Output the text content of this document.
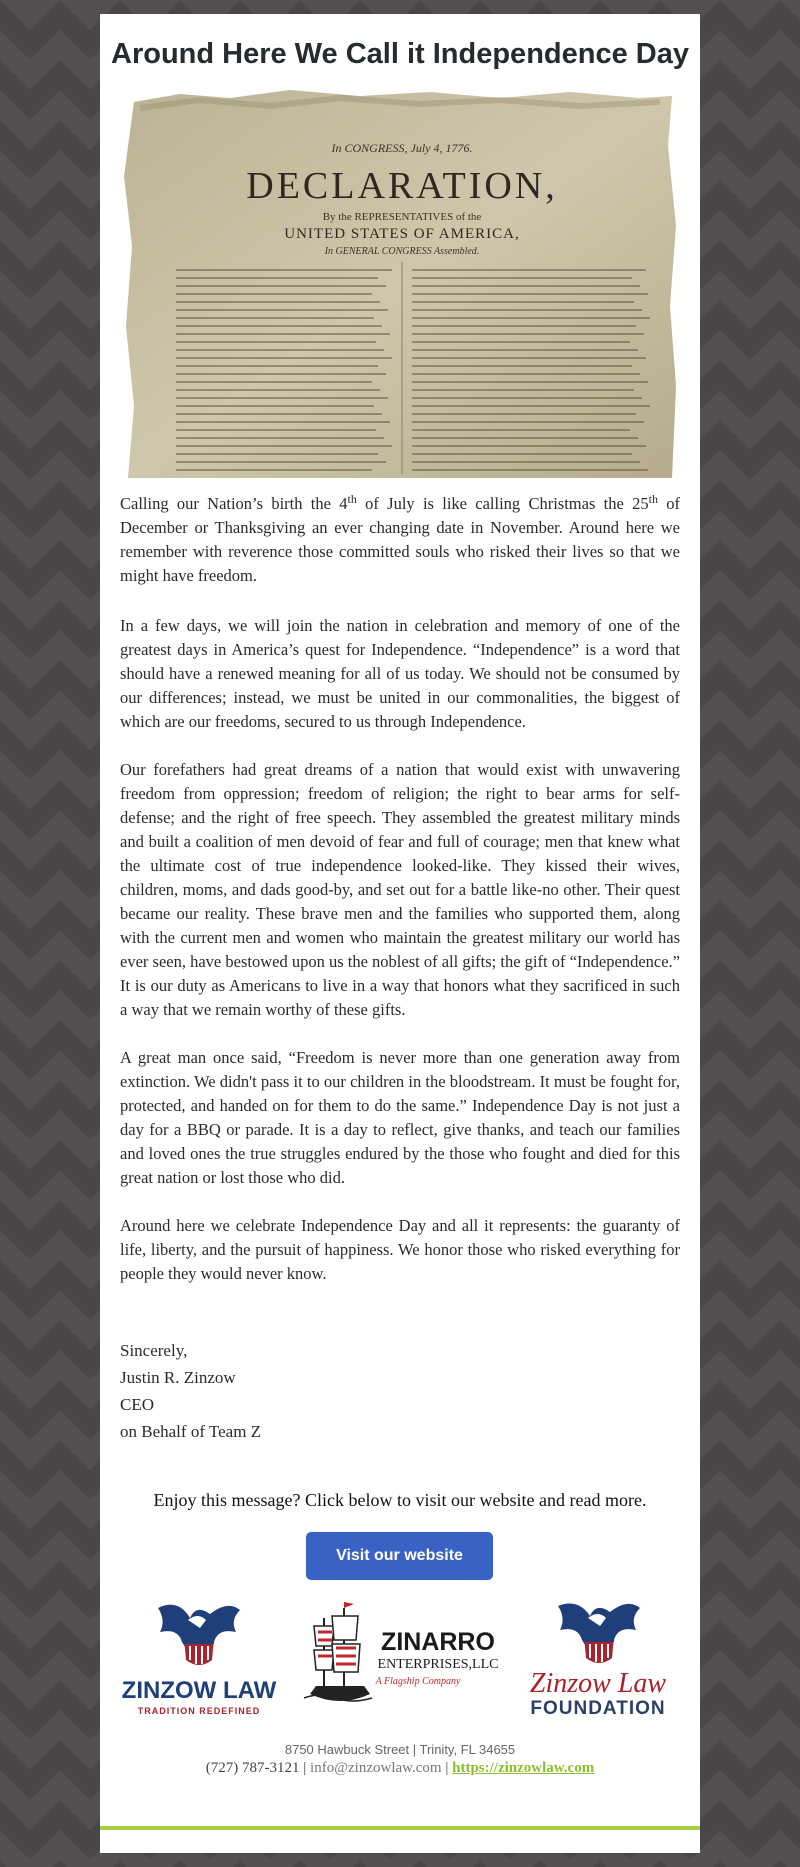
Around Here We Call it Independence Day
In CONGRESS, July 4, 1776.
DECLARATION,
By the REPRESENTATIVES of the
UNITED STATES OF AMERICA,
In GENERAL CONGRESS Assembled.

Calling our Nation’s birth the 4th of July is like calling Christmas the 25th of December or Thanksgiving an ever changing date in November. Around here we remember with reverence those committed souls who risked their lives so that we might have freedom.

In a few days, we will join the nation in celebration and memory of one of the greatest days in America’s quest for Independence. “Independence” is a word that should have a renewed meaning for all of us today. We should not be consumed by our differences; instead, we must be united in our commonalities, the biggest of which are our freedoms, secured to us through Independence.

Our forefathers had great dreams of a nation that would exist with unwavering freedom from oppression; freedom of religion; the right to bear arms for self-defense; and the right of free speech. They assembled the greatest military minds and built a coalition of men devoid of fear and full of courage; men that knew what the ultimate cost of true independence looked-like. They kissed their wives, children, moms, and dads good-by, and set out for a battle like-no other. Their quest became our reality. These brave men and the families who supported them, along with the current men and women who maintain the greatest military our world has ever seen, have bestowed upon us the noblest of all gifts; the gift of “Independence.” It is our duty as Americans to live in a way that honors what they sacrificed in such a way that we remain worthy of these gifts.

A great man once said, “Freedom is never more than one generation away from extinction. We didn't pass it to our children in the bloodstream. It must be fought for, protected, and handed on for them to do the same.” Independence Day is not just a day for a BBQ or parade. It is a day to reflect, give thanks, and teach our families and loved ones the true struggles endured by the those who fought and died for this great nation or lost those who did.

Around here we celebrate Independence Day and all it represents: the guaranty of life, liberty, and the pursuit of happiness. We honor those who risked everything for people they would never know.

Sincerely,
Justin R. Zinzow
CEO
on Behalf of Team Z
Enjoy this message? Click below to visit our website and read more.
Visit our website
ZINZOW LAW
TRADITION REDEFINED
ZINARRO
ENTERPRISES,LLC
A Flagship Company Zinzow Law
FOUNDATION
8750 Hawbuck Street | Trinity, FL 34655
(727) 787-3121 | info@zinzowlaw.com | https://zinzowlaw.com
